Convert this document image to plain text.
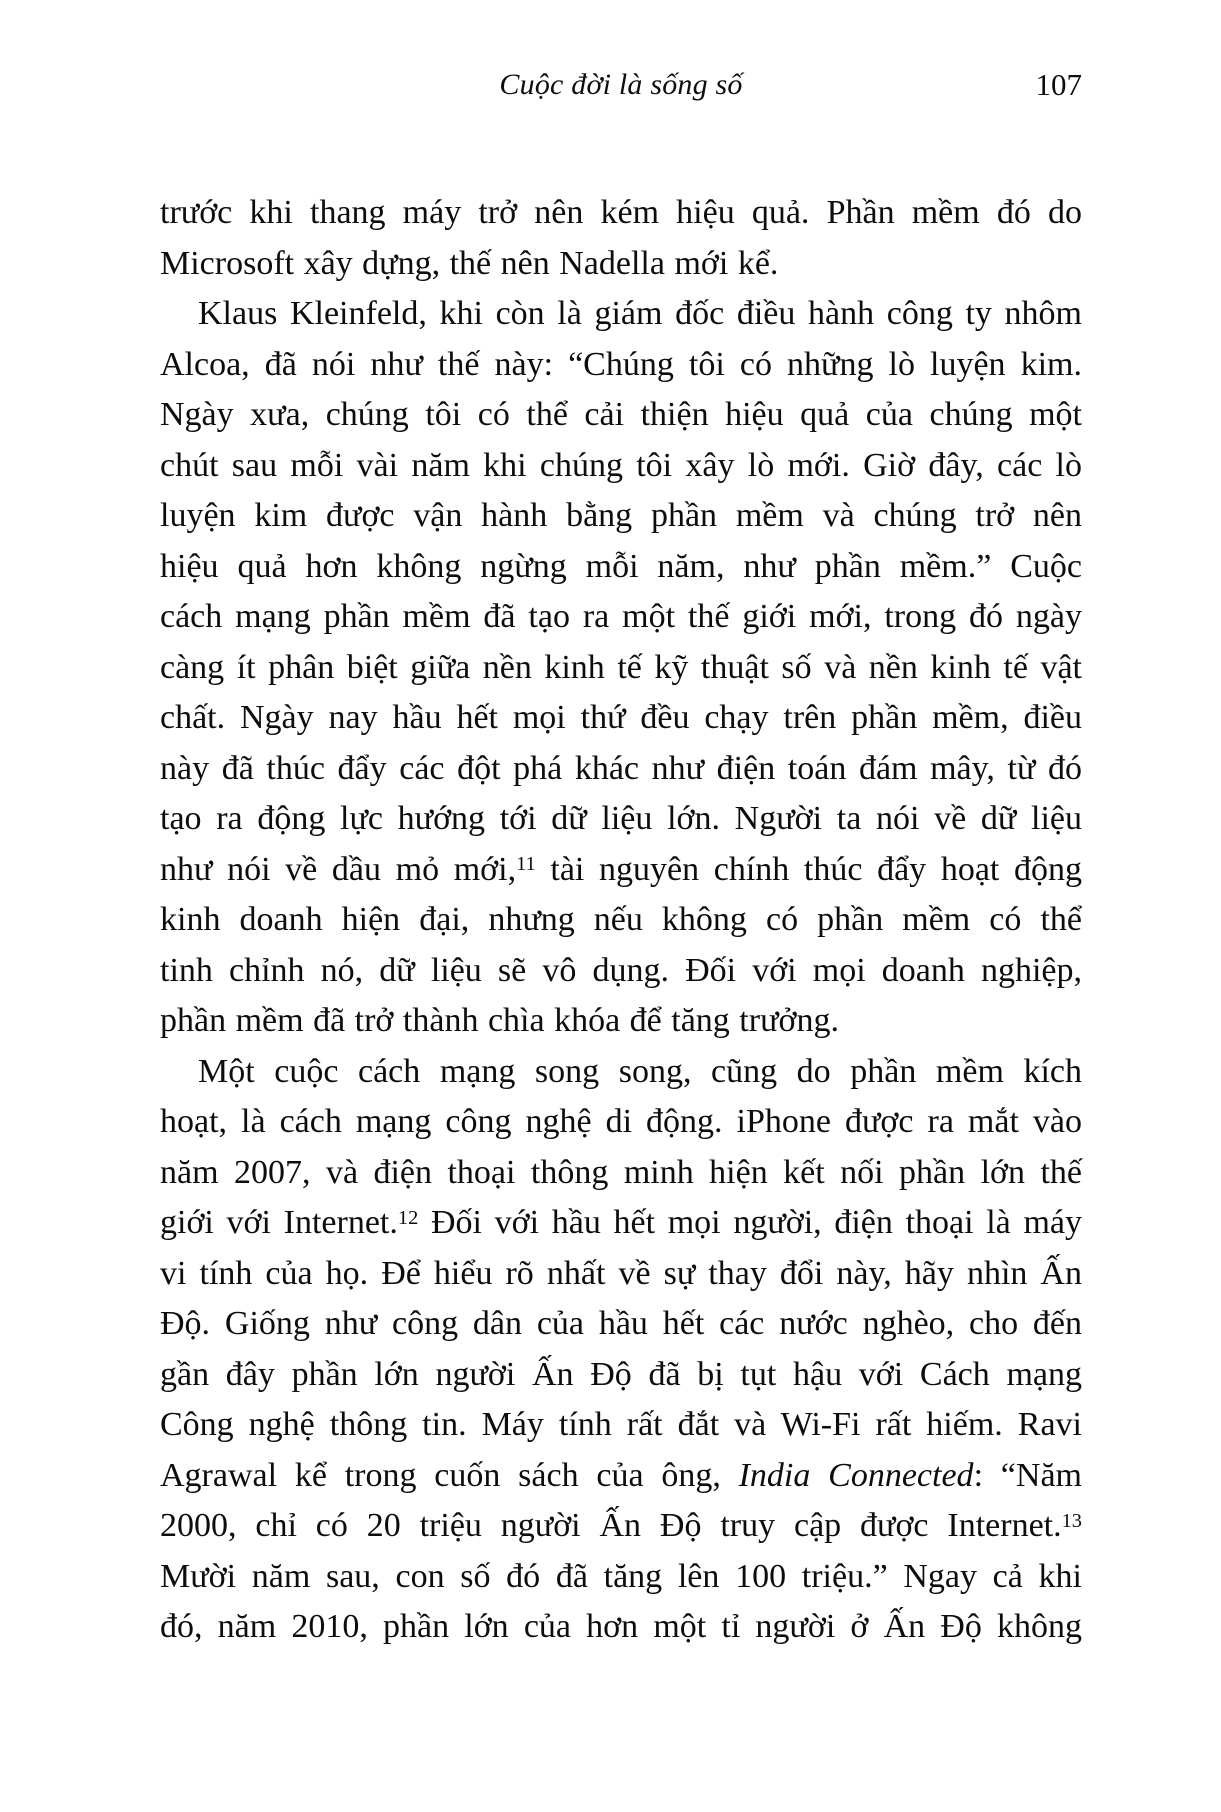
Cuộc đời là sống số	107
trước khi thang máy trở nên kém hiệu quả. Phần mềm đó do
Microsoft xây dựng, thế nên Nadella mới kể.
Klaus Kleinfeld, khi còn là giám đốc điều hành công ty nhôm
Alcoa, đã nói như thế này: “Chúng tôi có những lò luyện kim.
Ngày xưa, chúng tôi có thể cải thiện hiệu quả của chúng một
chút sau mỗi vài năm khi chúng tôi xây lò mới. Giờ đây, các lò
luyện kim được vận hành bằng phần mềm và chúng trở nên
hiệu quả hơn không ngừng mỗi năm, như phần mềm.” Cuộc
cách mạng phần mềm đã tạo ra một thế giới mới, trong đó ngày
càng ít phân biệt giữa nền kinh tế kỹ thuật số và nền kinh tế vật
chất. Ngày nay hầu hết mọi thứ đều chạy trên phần mềm, điều
này đã thúc đẩy các đột phá khác như điện toán đám mây, từ đó
tạo ra động lực hướng tới dữ liệu lớn. Người ta nói về dữ liệu
như nói về dầu mỏ mới,$^{11}$ tài nguyên chính thúc đẩy hoạt động
kinh doanh hiện đại, nhưng nếu không có phần mềm có thể
tinh chỉnh nó, dữ liệu sẽ vô dụng. Đối với mọi doanh nghiệp,
phần mềm đã trở thành chìa khóa để tăng trưởng.
Một cuộc cách mạng song song, cũng do phần mềm kích
hoạt, là cách mạng công nghệ di động. iPhone được ra mắt vào
năm 2007, và điện thoại thông minh hiện kết nối phần lớn thế
giới với Internet.$^{12}$ Đối với hầu hết mọi người, điện thoại là máy
vi tính của họ. Để hiểu rõ nhất về sự thay đổi này, hãy nhìn Ấn
Độ. Giống như công dân của hầu hết các nước nghèo, cho đến
gần đây phần lớn người Ấn Độ đã bị tụt hậu với Cách mạng
Công nghệ thông tin. Máy tính rất đắt và Wi-Fi rất hiếm. Ravi
Agrawal kể trong cuốn sách của ông, India Connected: “Năm
2000, chỉ có 20 triệu người Ấn Độ truy cập được Internet.$^{13}$
Mười năm sau, con số đó đã tăng lên 100 triệu.” Ngay cả khi
đó, năm 2010, phần lớn của hơn một tỉ người ở Ấn Độ không
